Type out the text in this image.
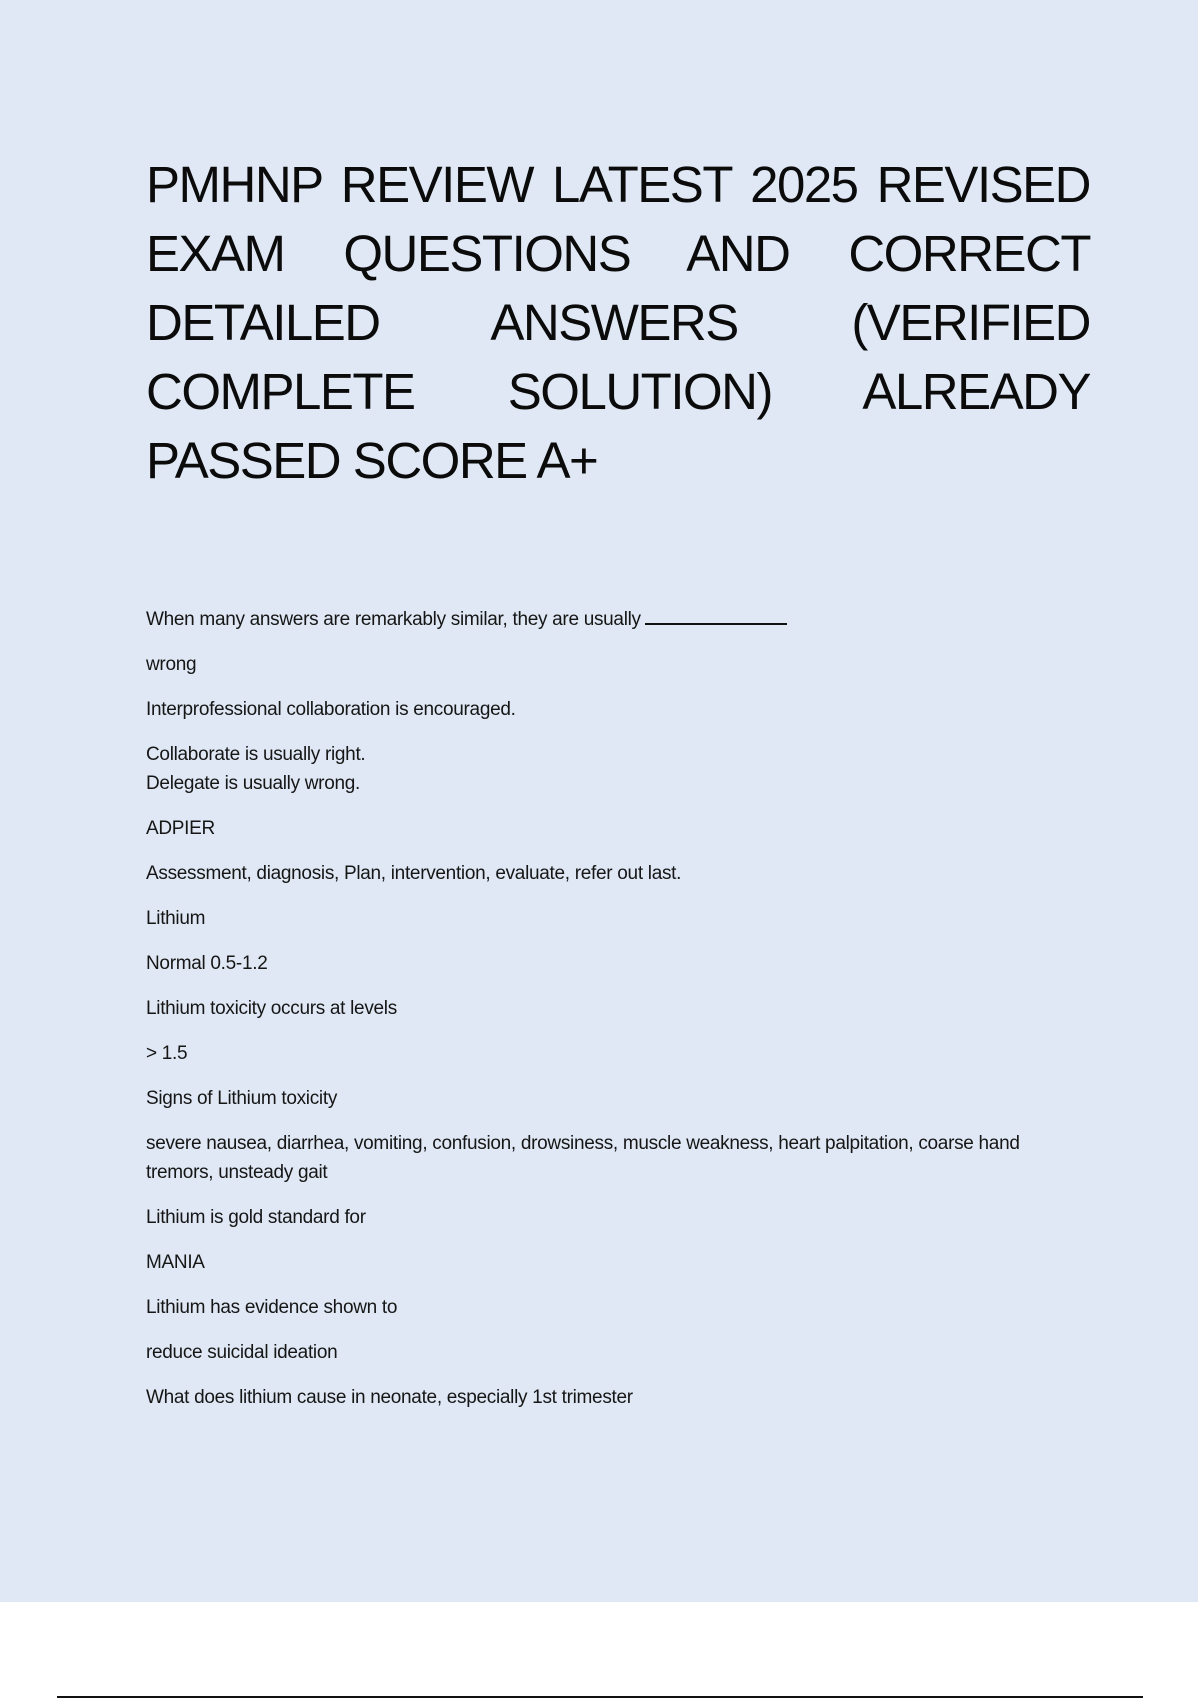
PMHNP REVIEW LATEST 2025 REVISED EXAM QUESTIONS AND CORRECT DETAILED ANSWERS (VERIFIED COMPLETE SOLUTION) ALREADY PASSED SCORE A+

When many answers are remarkably similar, they are usually

wrong

Interprofessional collaboration is encouraged.

Collaborate is usually right.

Delegate is usually wrong.

ADPIER

Assessment, diagnosis, Plan, intervention, evaluate, refer out last.

Lithium

Normal 0.5-1.2

Lithium toxicity occurs at levels

> 1.5

Signs of Lithium toxicity

severe nausea, diarrhea, vomiting, confusion, drowsiness, muscle weakness, heart palpitation, coarse hand tremors, unsteady gait

Lithium is gold standard for

MANIA

Lithium has evidence shown to

reduce suicidal ideation

What does lithium cause in neonate, especially 1st trimester
